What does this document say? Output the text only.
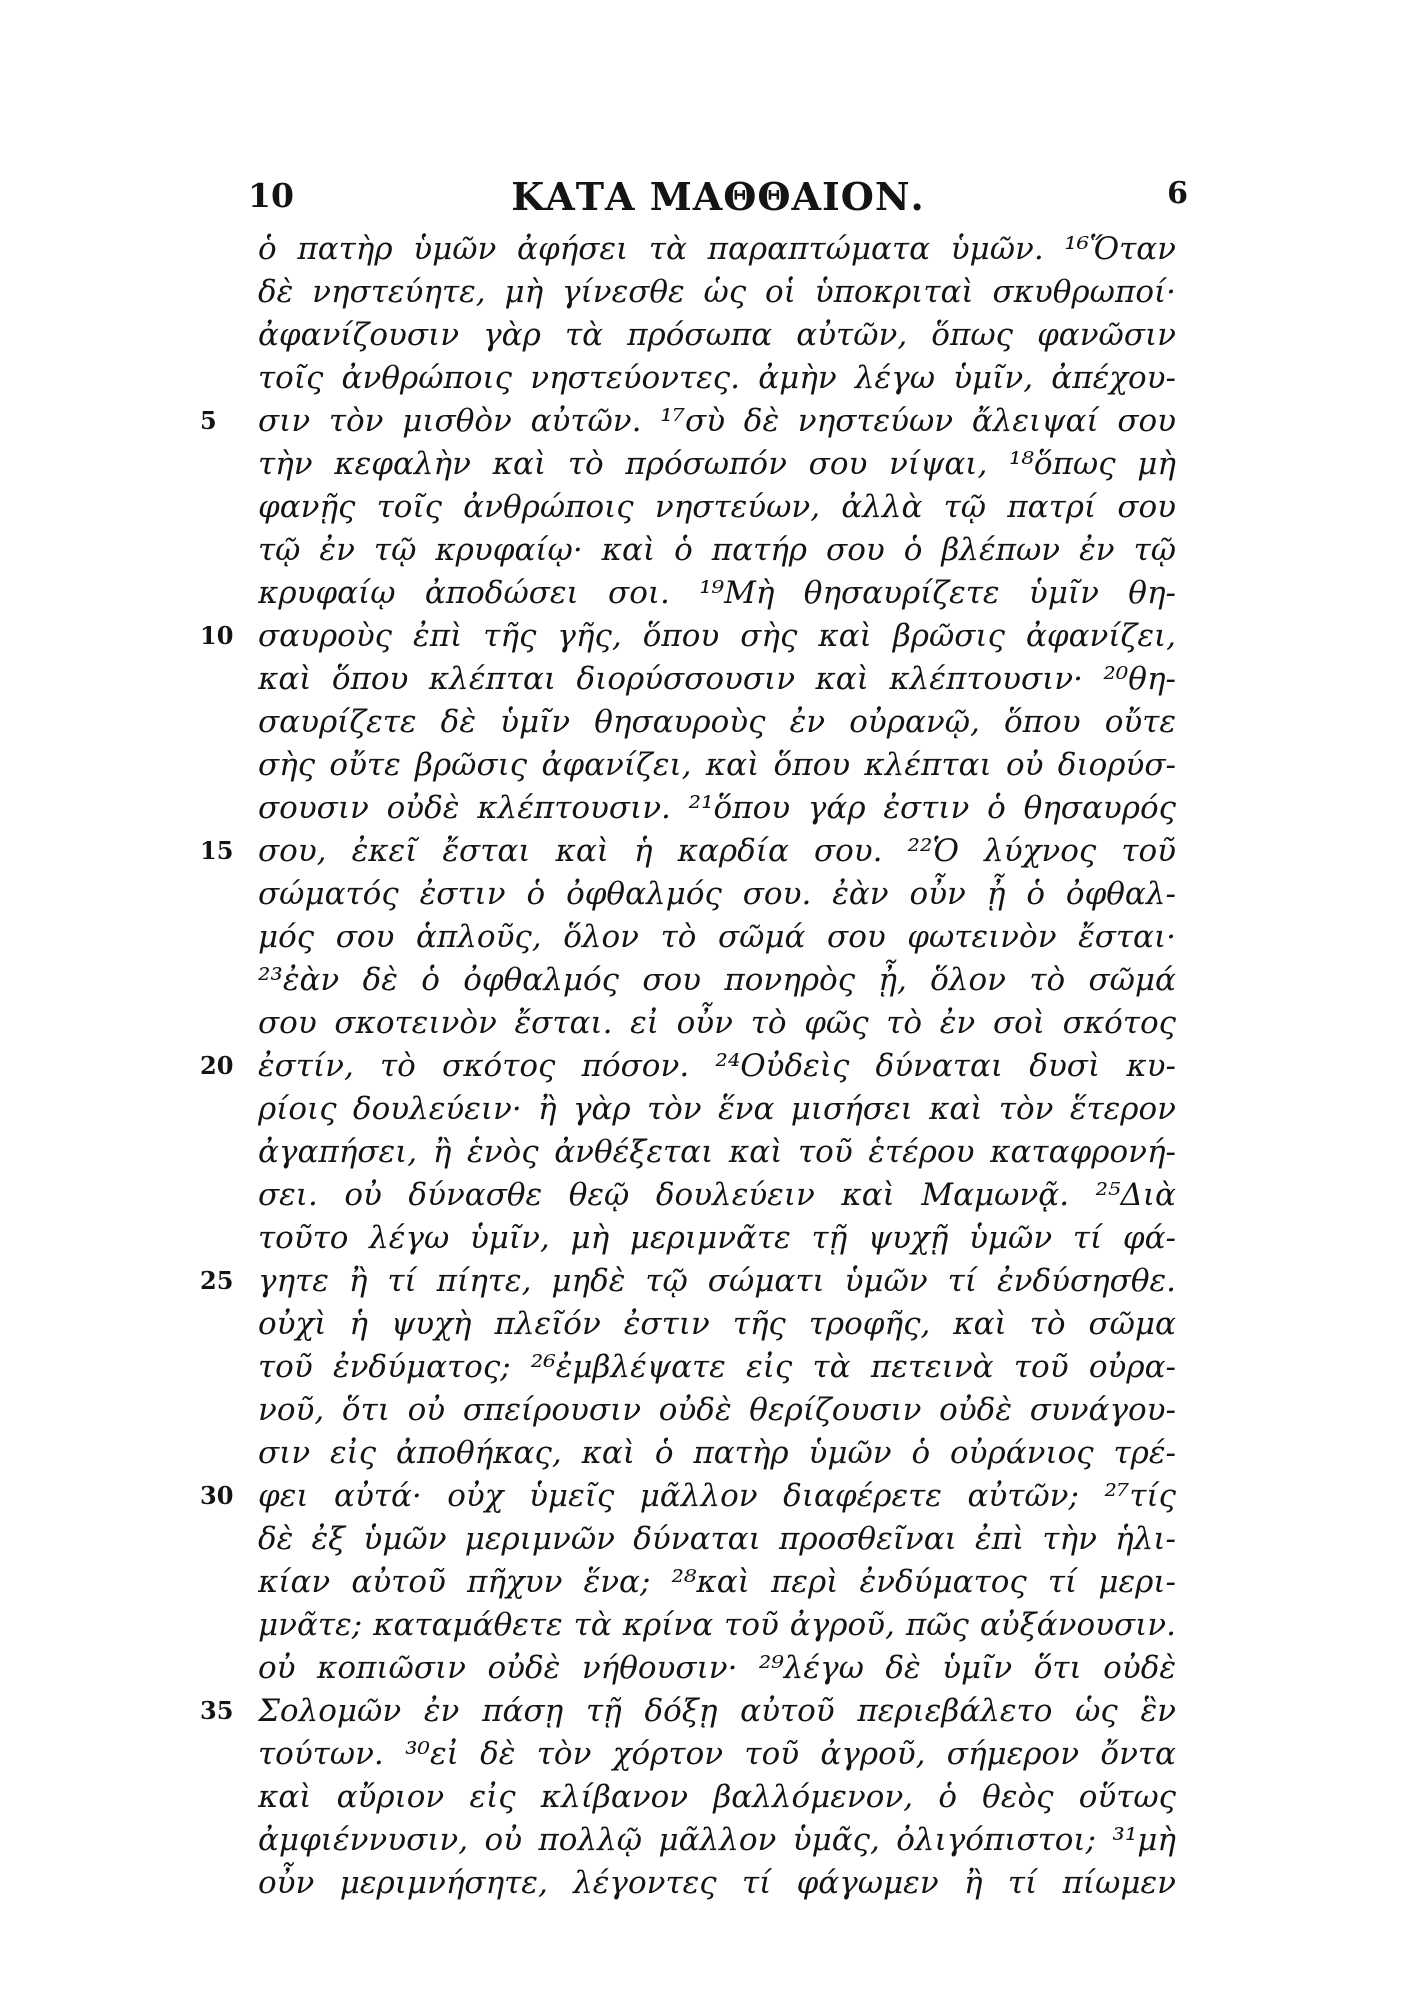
10	ΚΑΤΑ ΜΑΘΘΑΙΟΝ.	6
ὁ πατὴρ ὑμῶν ἀφήσει τὰ παραπτώματα ὑμῶν. ¹⁶Ὅταν
δὲ νηστεύητε, μὴ γίνεσθε ὡς οἱ ὑποκριταὶ σκυθρωποί·
ἀφανίζουσιν γὰρ τὰ πρόσωπα αὐτῶν, ὅπως φανῶσιν
τοῖς ἀνθρώποις νηστεύοντες. ἀμὴν λέγω ὑμῖν, ἀπέχου-
5	σιν τὸν μισθὸν αὐτῶν. ¹⁷σὺ δὲ νηστεύων ἄλειψαί σου
τὴν κεφαλὴν καὶ τὸ πρόσωπόν σου νίψαι, ¹⁸ὅπως μὴ
φανῇς τοῖς ἀνθρώποις νηστεύων, ἀλλὰ τῷ πατρί σου
τῷ ἐν τῷ κρυφαίῳ· καὶ ὁ πατήρ σου ὁ βλέπων ἐν τῷ
κρυφαίῳ ἀποδώσει σοι. ¹⁹Μὴ θησαυρίζετε ὑμῖν θη-
10 σαυροὺς ἐπὶ τῆς γῆς, ὅπου σὴς καὶ βρῶσις ἀφανίζει,
καὶ ὅπου κλέπται διορύσσουσιν καὶ κλέπτουσιν· ²⁰θη-
σαυρίζετε δὲ ὑμῖν θησαυροὺς ἐν οὐρανῷ, ὅπου οὔτε
σὴς οὔτε βρῶσις ἀφανίζει, καὶ ὅπου κλέπται οὐ διορύσ-
σουσιν οὐδὲ κλέπτουσιν. ²¹ὅπου γάρ ἐστιν ὁ θησαυρός
15 σου, ἐκεῖ ἔσται καὶ ἡ καρδία σου. ²²Ὁ λύχνος τοῦ
σώματός ἐστιν ὁ ὀφθαλμός σου. ἐὰν οὖν ᾖ ὁ ὀφθαλ-
μός σου ἁπλοῦς, ὅλον τὸ σῶμά σου φωτεινὸν ἔσται·
²³ἐὰν δὲ ὁ ὀφθαλμός σου πονηρὸς ᾖ, ὅλον τὸ σῶμά
σου σκοτεινὸν ἔσται. εἰ οὖν τὸ φῶς τὸ ἐν σοὶ σκότος
20 ἐστίν, τὸ σκότος πόσον. ²⁴Οὐδεὶς δύναται δυσὶ κυ-
ρίοις δουλεύειν· ἢ γὰρ τὸν ἕνα μισήσει καὶ τὸν ἕτερον
ἀγαπήσει, ἢ ἑνὸς ἀνθέξεται καὶ τοῦ ἑτέρου καταφρονή-
σει. οὐ δύνασθε θεῷ δουλεύειν καὶ Μαμωνᾷ. ²⁵Διὰ
τοῦτο λέγω ὑμῖν, μὴ μεριμνᾶτε τῇ ψυχῇ ὑμῶν τί φά-
25 γητε ἢ τί πίητε, μηδὲ τῷ σώματι ὑμῶν τί ἐνδύσησθε.
οὐχὶ ἡ ψυχὴ πλεῖόν ἐστιν τῆς τροφῆς, καὶ τὸ σῶμα
τοῦ ἐνδύματος; ²⁶ἐμβλέψατε εἰς τὰ πετεινὰ τοῦ οὐρα-
νοῦ, ὅτι οὐ σπείρουσιν οὐδὲ θερίζουσιν οὐδὲ συνάγου-
σιν εἰς ἀποθήκας, καὶ ὁ πατὴρ ὑμῶν ὁ οὐράνιος τρέ-
30 φει αὐτά· οὐχ ὑμεῖς μᾶλλον διαφέρετε αὐτῶν; ²⁷τίς
δὲ ἐξ ὑμῶν μεριμνῶν δύναται προσθεῖναι ἐπὶ τὴν ἡλι-
κίαν αὐτοῦ πῆχυν ἕνα; ²⁸καὶ περὶ ἐνδύματος τί μερι-
μνᾶτε; καταμάθετε τὰ κρίνα τοῦ ἀγροῦ, πῶς αὐξάνουσιν.
οὐ κοπιῶσιν οὐδὲ νήθουσιν· ²⁹λέγω δὲ ὑμῖν ὅτι οὐδὲ
35 Σολομῶν ἐν πάσῃ τῇ δόξῃ αὐτοῦ περιεβάλετο ὡς ἓν
τούτων. ³⁰εἰ δὲ τὸν χόρτον τοῦ ἀγροῦ, σήμερον ὄντα
καὶ αὔριον εἰς κλίβανον βαλλόμενον, ὁ θεὸς οὕτως
ἀμφιέννυσιν, οὐ πολλῷ μᾶλλον ὑμᾶς, ὀλιγόπιστοι; ³¹μὴ
οὖν μεριμνήσητε, λέγοντες τί φάγωμεν ἢ τί πίωμεν
